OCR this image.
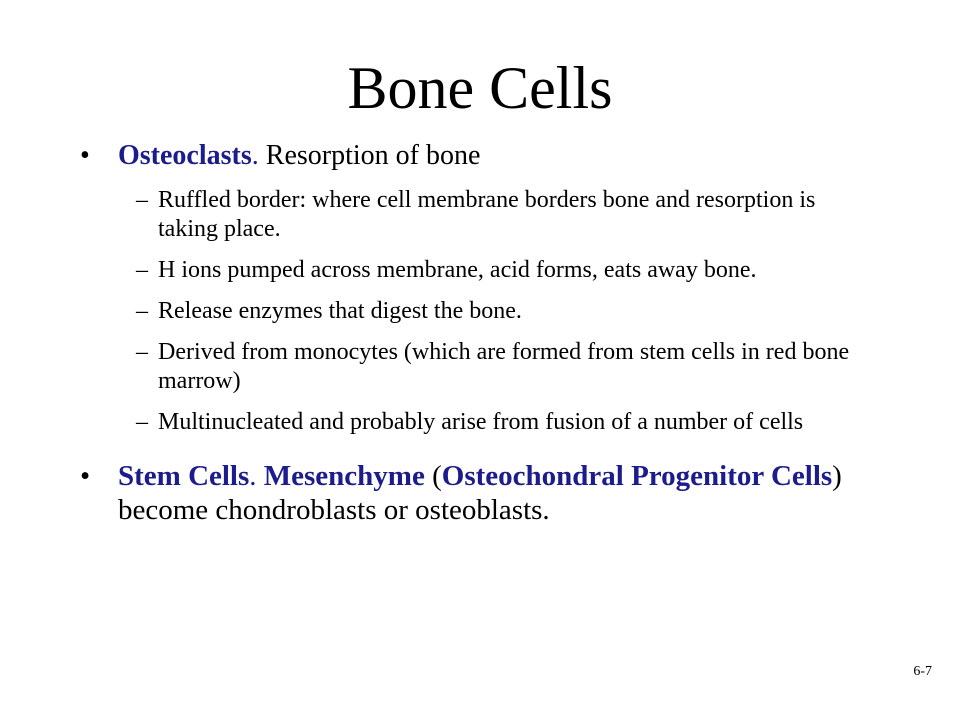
Bone Cells
• Osteoclasts. Resorption of bone
– Ruffled border: where cell membrane borders bone and resorption is taking place.
– H ions pumped across membrane, acid forms, eats away bone.
– Release enzymes that digest the bone.
– Derived from monocytes (which are formed from stem cells in red bone marrow)
– Multinucleated and probably arise from fusion of a number of cells
• Stem Cells. Mesenchyme (Osteochondral Progenitor Cells) become chondroblasts or osteoblasts.
6-7
